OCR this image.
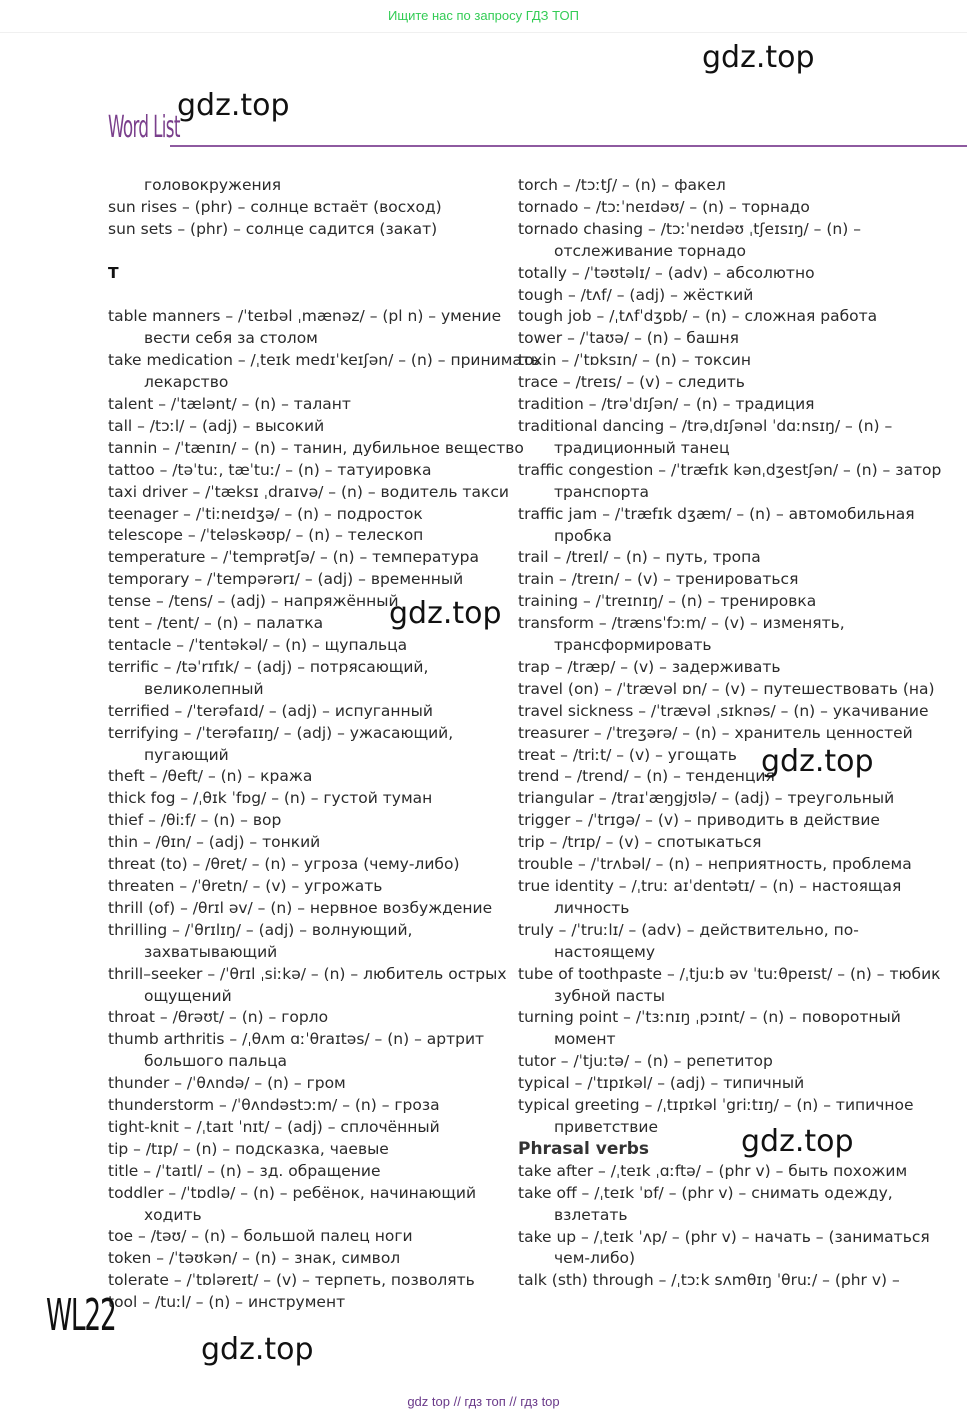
Ищите нас по запросу ГДЗ ТОП
gdz.top
gdz.top
Word List
головокружения
sun rises – (phr) – солнце встаёт (восход)
sun sets – (phr) – солнце садится (закат)
T
table manners – /ˈteɪbəl ˌmænəz/ – (pl n) – умение
вести себя за столом
take medication – /ˌteɪk medɪˈkeɪʃən/ – (n) – принимать
лекарство
talent – /ˈtælənt/ – (n) – талант
tall – /tɔːl/ – (adj) – высокий
tannin – /ˈtænɪn/ – (n) – танин, дубильное вещество
tattoo – /təˈtuː, tæˈtuː/ – (n) – татуировка
taxi driver – /ˈtæksɪ ˌdraɪvə/ – (n) – водитель такси
teenager – /ˈtiːneɪdʒə/ – (n) – подросток
telescope – /ˈteləskəʊp/ – (n) – телескоп
temperature – /ˈtemprətʃə/ – (n) – температура
temporary – /ˈtempərərɪ/ – (adj) – временный
tense – /tens/ – (adj) – напряжённый
tent – /tent/ – (n) – палатка
tentacle – /ˈtentəkəl/ – (n) – щупальца
terrific – /təˈrɪfɪk/ – (adj) – потрясающий,
великолепный
terrified – /ˈterəfaɪd/ – (adj) – испуганный
terrifying – /ˈterəfaɪɪŋ/ – (adj) – ужасающий,
пугающий
theft – /θeft/ – (n) – кража
thick fog – /ˌθɪk ˈfɒg/ – (n) – густой туман
thief – /θiːf/ – (n) – вор
thin – /θɪn/ – (adj) – тонкий
threat (to) – /θret/ – (n) – угроза (чему-либо)
threaten – /ˈθretn/ – (v) – угрожать
thrill (of) – /θrɪl əv/ – (n) – нервное возбуждение
thrilling – /ˈθrɪlɪŋ/ – (adj) – волнующий,
захватывающий
thrill–seeker – /ˈθrɪl ˌsiːkə/ – (n) – любитель острых
ощущений
throat – /θrəʊt/ – (n) – горло
thumb arthritis – /ˌθʌm ɑːˈθraɪtəs/ – (n) – артрит
большого пальца
thunder – /ˈθʌndə/ – (n) – гром
thunderstorm – /ˈθʌndəstɔːm/ – (n) – гроза
tight-knit – /ˌtaɪt ˈnɪt/ – (adj) – сплочённый
tip – /tɪp/ – (n) – подсказка, чаевые
title – /ˈtaɪtl/ – (n) – зд. обращение
toddler – /ˈtɒdlə/ – (n) – ребёнок, начинающий
ходить
toe – /təʊ/ – (n) – большой палец ноги
token – /ˈtəʊkən/ – (n) – знак, символ
tolerate – /ˈtɒləreɪt/ – (v) – терпеть, позволять
tool – /tuːl/ – (n) – инструмент
torch – /tɔːtʃ/ – (n) – факел
tornado – /tɔːˈneɪdəʊ/ – (n) – торнадо
tornado chasing – /tɔːˈneɪdəʊ ˌtʃeɪsɪŋ/ – (n) –
отслеживание торнадо
totally – /ˈtəʊtəlɪ/ – (adv) – абсолютно
tough – /tʌf/ – (adj) – жёсткий
tough job – /ˌtʌfˈdʒɒb/ – (n) – сложная работа
tower – /ˈtaʊə/ – (n) – башня
toxin – /ˈtɒksɪn/ – (n) – токсин
trace – /treɪs/ – (v) – следить
tradition – /trəˈdɪʃən/ – (n) – традиция
traditional dancing – /trəˌdɪʃənəl ˈdɑːnsɪŋ/ – (n) –
традиционный танец
traffic congestion – /ˈtræfɪk kənˌdʒestʃən/ – (n) – затор
транспорта
traffic jam – /ˈtræfɪk dʒæm/ – (n) – автомобильная
пробка
trail – /treɪl/ – (n) – путь, тропа
train – /treɪn/ – (v) – тренироваться
training – /ˈtreɪnɪŋ/ – (n) – тренировка
transform – /trænsˈfɔːm/ – (v) – изменять,
трансформировать
trap – /træp/ – (v) – задерживать
travel (on) – /ˈtrævəl ɒn/ – (v) – путешествовать (на)
travel sickness – /ˈtrævəl ˌsɪknəs/ – (n) – укачивание
treasurer – /ˈtreʒərə/ – (n) – хранитель ценностей
treat – /triːt/ – (v) – угощать
trend – /trend/ – (n) – тенденция
triangular – /traɪˈæŋgjʊlə/ – (adj) – треугольный
trigger – /ˈtrɪgə/ – (v) – приводить в действие
trip – /trɪp/ – (v) – спотыкаться
trouble – /ˈtrʌbəl/ – (n) – неприятность, проблема
true identity – /ˌtruː aɪˈdentətɪ/ – (n) – настоящая
личность
truly – /ˈtruːlɪ/ – (adv) – действительно, по-
настоящему
tube of toothpaste – /ˌtjuːb əv ˈtuːθpeɪst/ – (n) – тюбик
зубной пасты
turning point – /ˈtɜːnɪŋ ˌpɔɪnt/ – (n) – поворотный
момент
tutor – /ˈtjuːtə/ – (n) – репетитор
typical – /ˈtɪpɪkəl/ – (adj) – типичный
typical greeting – /ˌtɪpɪkəl ˈgriːtɪŋ/ – (n) – типичное
приветствие
Phrasal verbs
take after – /ˌteɪk ˌɑːftə/ – (phr v) – быть похожим
take off – /ˌteɪk ˈɒf/ – (phr v) – снимать одежду,
взлетать
take up – /ˌteɪk ˈʌp/ – (phr v) – начать – (заниматься
чем-либо)
talk (sth) through – /ˌtɔːk sʌmθɪŋ ˈθruː/ – (phr v) –
gdz.top
gdz.top
gdz.top
gdz.top
WL22
gdz top // гдз топ // гдз top
